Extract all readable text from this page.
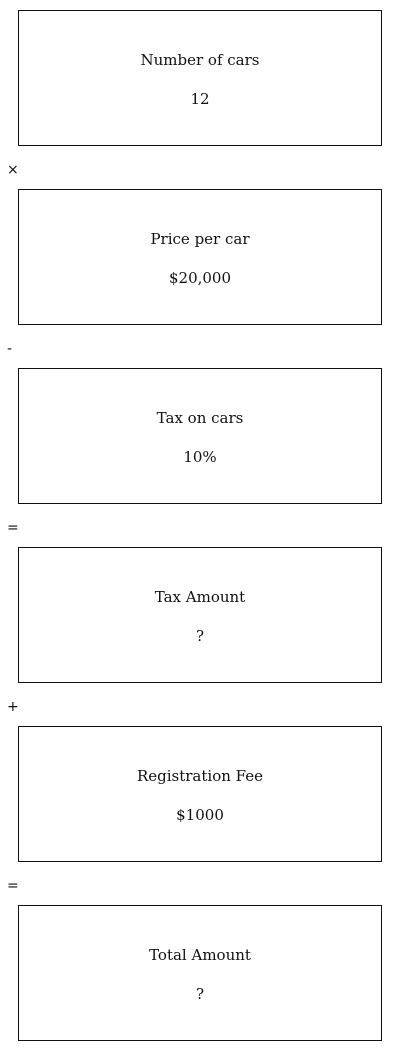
Number of cars
12
×
Price per car
$20,000
-
Tax on cars
10%
=
Tax Amount
?
+
Registration Fee
$1000
=
Total Amount
?
